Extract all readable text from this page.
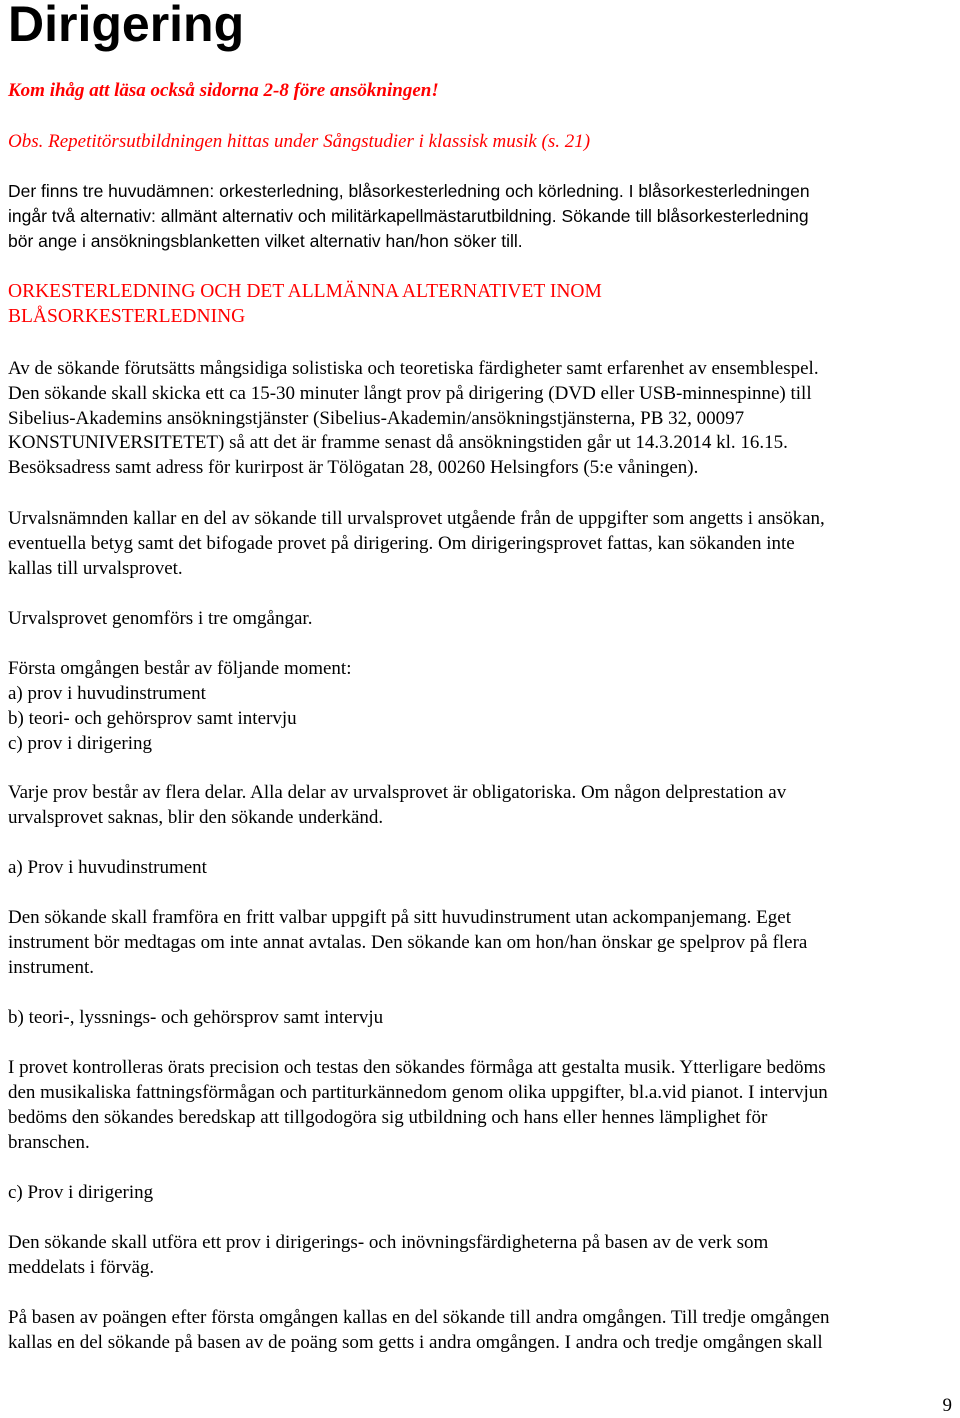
Dirigering
Kom ihåg att läsa också sidorna 2-8 före ansökningen!
Obs. Repetitörsutbildningen hittas under Sångstudier i klassisk musik (s. 21)
Der finns tre huvudämnen: orkesterledning, blåsorkesterledning och körledning. I blåsorkesterledningen
ingår två alternativ: allmänt alternativ och militärkapellmästarutbildning. Sökande till blåsorkesterledning
bör ange i ansökningsblanketten vilket alternativ han/hon söker till.
ORKESTERLEDNING OCH DET ALLMÄNNA ALTERNATIVET INOM
BLÅSORKESTERLEDNING
Av de sökande förutsätts mångsidiga solistiska och teoretiska färdigheter samt erfarenhet av ensemblespel.
Den sökande skall skicka ett ca 15-30 minuter långt prov på dirigering (DVD eller USB-minnespinne) till
Sibelius-Akademins ansökningstjänster (Sibelius-Akademin/ansökningstjänsterna, PB 32, 00097
KONSTUNIVERSITETET) så att det är framme senast då ansökningstiden går ut 14.3.2014 kl. 16.15.
Besöksadress samt adress för kurirpost är Tölögatan 28, 00260 Helsingfors (5:e våningen).
Urvalsnämnden kallar en del av sökande till urvalsprovet utgående från de uppgifter som angetts i ansökan,
eventuella betyg samt det bifogade provet på dirigering. Om dirigeringsprovet fattas, kan sökanden inte
kallas till urvalsprovet.
Urvalsprovet genomförs i tre omgångar.
Första omgången består av följande moment:
a) prov i huvudinstrument
b) teori- och gehörsprov samt intervju
c) prov i dirigering
Varje prov består av flera delar. Alla delar av urvalsprovet är obligatoriska. Om någon delprestation av
urvalsprovet saknas, blir den sökande underkänd.
a) Prov i huvudinstrument
Den sökande skall framföra en fritt valbar uppgift på sitt huvudinstrument utan ackompanjemang. Eget
instrument bör medtagas om inte annat avtalas. Den sökande kan om hon/han önskar ge spelprov på flera
instrument.
b) teori-, lyssnings- och gehörsprov samt intervju
I provet kontrolleras örats precision och testas den sökandes förmåga att gestalta musik. Ytterligare bedöms
den musikaliska fattningsförmågan och partiturkännedom genom olika uppgifter, bl.a.vid pianot. I intervjun
bedöms den sökandes beredskap att tillgodogöra sig utbildning och hans eller hennes lämplighet för
branschen.
c) Prov i dirigering
Den sökande skall utföra ett prov i dirigerings- och inövningsfärdigheterna på basen av de verk som
meddelats i förväg.
På basen av poängen efter första omgången kallas en del sökande till andra omgången. Till tredje omgången
kallas en del sökande på basen av de poäng som getts i andra omgången. I andra och tredje omgången skall
9
